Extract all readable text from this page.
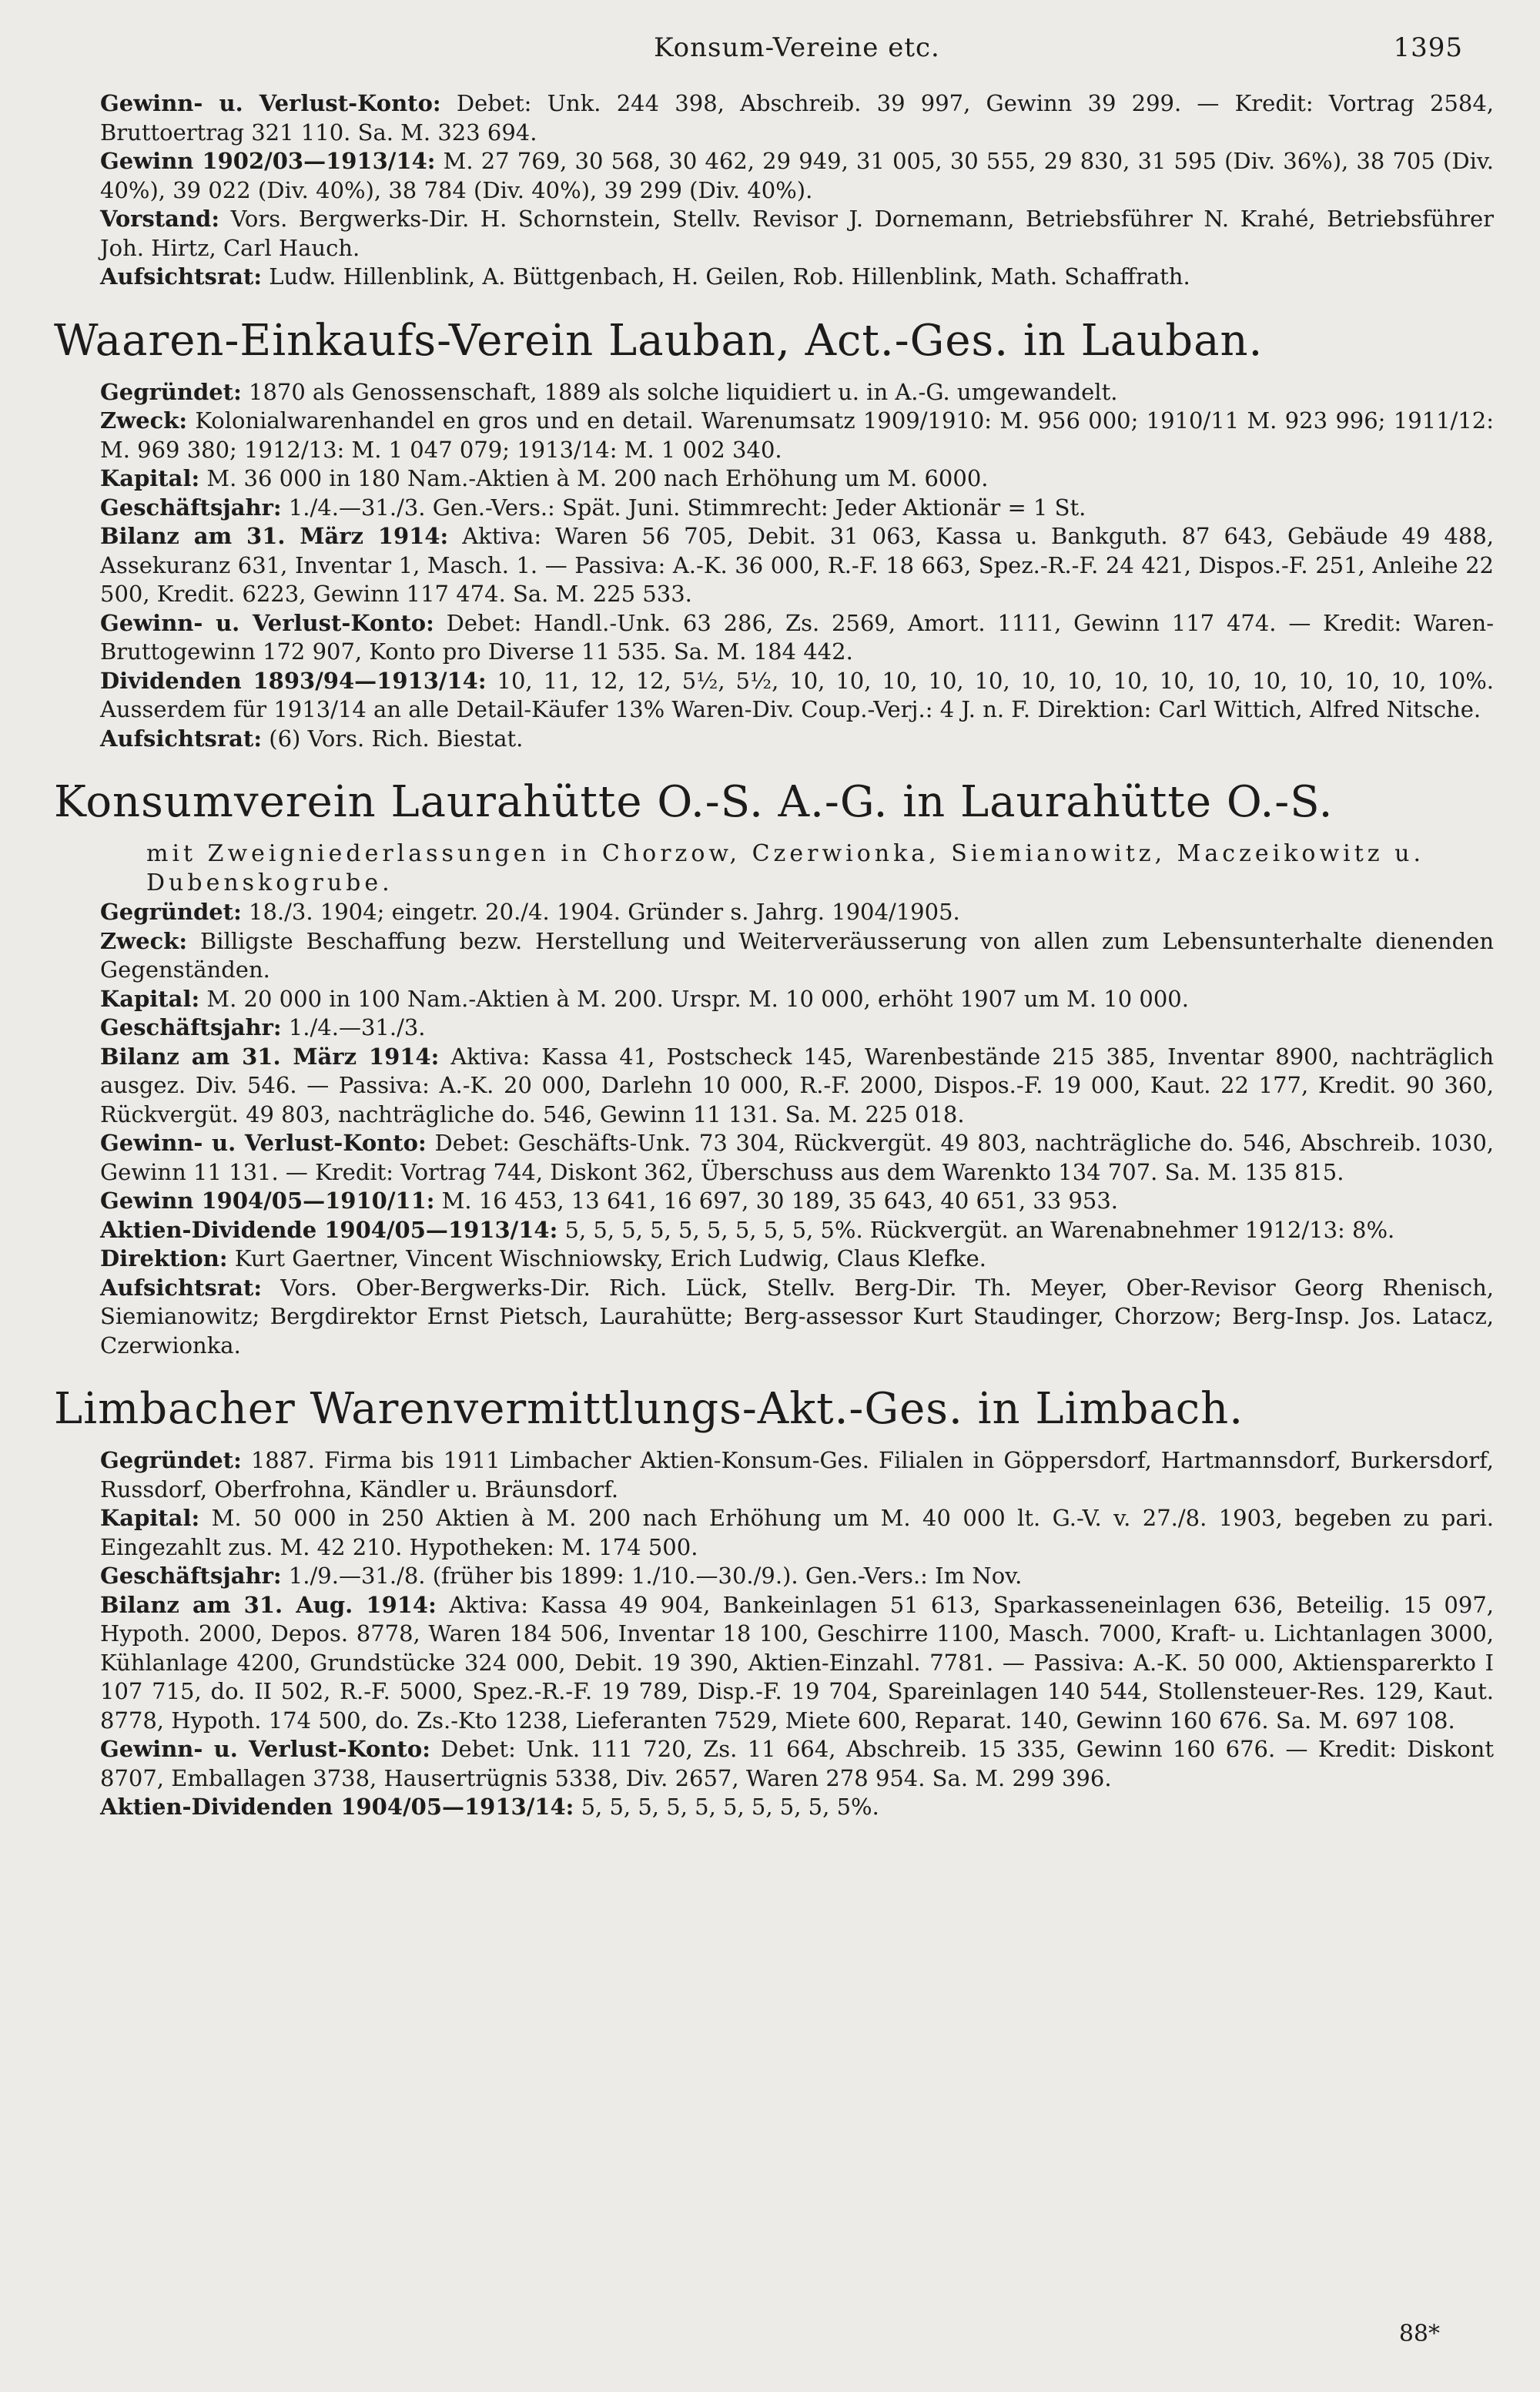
Konsum-Vereine etc.	1395

Gewinn- u. Verlust-Konto: Debet: Unk. 244 398, Abschreib. 39 997, Gewinn 39 299. — Kredit: Vortrag 2584, Bruttoertrag 321 110. Sa. M. 323 694.

Gewinn 1902/03—1913/14: M. 27 769, 30 568, 30 462, 29 949, 31 005, 30 555, 29 830, 31 595 (Div. 36%), 38 705 (Div. 40%), 39 022 (Div. 40%), 38 784 (Div. 40%), 39 299 (Div. 40%).

Vorstand: Vors. Bergwerks-Dir. H. Schornstein, Stellv. Revisor J. Dornemann, Betriebsführer N. Krahé, Betriebsführer Joh. Hirtz, Carl Hauch.

Aufsichtsrat: Ludw. Hillenblink, A. Büttgenbach, H. Geilen, Rob. Hillenblink, Math. Schaffrath.

Waaren-Einkaufs-Verein Lauban, Act.-Ges. in Lauban.

Gegründet: 1870 als Genossenschaft, 1889 als solche liquidiert u. in A.-G. umgewandelt.

Zweck: Kolonialwarenhandel en gros und en detail. Warenumsatz 1909/1910: M. 956 000; 1910/11 M. 923 996; 1911/12: M. 969 380; 1912/13: M. 1 047 079; 1913/14: M. 1 002 340.

Kapital: M. 36 000 in 180 Nam.-Aktien à M. 200 nach Erhöhung um M. 6000.

Geschäftsjahr: 1./4.—31./3. Gen.-Vers.: Spät. Juni. Stimmrecht: Jeder Aktionär = 1 St.

Bilanz am 31. März 1914: Aktiva: Waren 56 705, Debit. 31 063, Kassa u. Bankguth. 87 643, Gebäude 49 488, Assekuranz 631, Inventar 1, Masch. 1. — Passiva: A.-K. 36 000, R.-F. 18 663, Spez.-R.-F. 24 421, Dispos.-F. 251, Anleihe 22 500, Kredit. 6223, Gewinn 117 474. Sa. M. 225 533.

Gewinn- u. Verlust-Konto: Debet: Handl.-Unk. 63 286, Zs. 2569, Amort. 1111, Gewinn 117 474. — Kredit: Waren-Bruttogewinn 172 907, Konto pro Diverse 11 535. Sa. M. 184 442.

Dividenden 1893/94—1913/14: 10, 11, 12, 12, 5½, 5½, 10, 10, 10, 10, 10, 10, 10, 10, 10, 10, 10, 10, 10, 10, 10%. Ausserdem für 1913/14 an alle Detail-Käufer 13% Waren-Div. Coup.-Verj.: 4 J. n. F. Direktion: Carl Wittich, Alfred Nitsche.

Aufsichtsrat: (6) Vors. Rich. Biestat.

Konsumverein Laurahütte O.-S. A.-G. in Laurahütte O.-S.

mit Zweigniederlassungen in Chorzow, Czerwionka, Siemianowitz, Maczeikowitz u. Dubenskogrube.

Gegründet: 18./3. 1904; eingetr. 20./4. 1904. Gründer s. Jahrg. 1904/1905.

Zweck: Billigste Beschaffung bezw. Herstellung und Weiterveräusserung von allen zum Lebensunterhalte dienenden Gegenständen.

Kapital: M. 20 000 in 100 Nam.-Aktien à M. 200. Urspr. M. 10 000, erhöht 1907 um M. 10 000.

Geschäftsjahr: 1./4.—31./3.

Bilanz am 31. März 1914: Aktiva: Kassa 41, Postscheck 145, Warenbestände 215 385, Inventar 8900, nachträglich ausgez. Div. 546. — Passiva: A.-K. 20 000, Darlehn 10 000, R.-F. 2000, Dispos.-F. 19 000, Kaut. 22 177, Kredit. 90 360, Rückvergüt. 49 803, nachträgliche do. 546, Gewinn 11 131. Sa. M. 225 018.

Gewinn- u. Verlust-Konto: Debet: Geschäfts-Unk. 73 304, Rückvergüt. 49 803, nachträgliche do. 546, Abschreib. 1030, Gewinn 11 131. — Kredit: Vortrag 744, Diskont 362, Überschuss aus dem Warenkto 134 707. Sa. M. 135 815.

Gewinn 1904/05—1910/11: M. 16 453, 13 641, 16 697, 30 189, 35 643, 40 651, 33 953.

Aktien-Dividende 1904/05—1913/14: 5, 5, 5, 5, 5, 5, 5, 5, 5, 5%. Rückvergüt. an Warenabnehmer 1912/13: 8%.

Direktion: Kurt Gaertner, Vincent Wischniowsky, Erich Ludwig, Claus Klefke.

Aufsichtsrat: Vors. Ober-Bergwerks-Dir. Rich. Lück, Stellv. Berg-Dir. Th. Meyer, Ober-Revisor Georg Rhenisch, Siemianowitz; Bergdirektor Ernst Pietsch, Laurahütte; Berg-assessor Kurt Staudinger, Chorzow; Berg-Insp. Jos. Latacz, Czerwionka.

Limbacher Warenvermittlungs-Akt.-Ges. in Limbach.

Gegründet: 1887. Firma bis 1911 Limbacher Aktien-Konsum-Ges. Filialen in Göppersdorf, Hartmannsdorf, Burkersdorf, Russdorf, Oberfrohna, Kändler u. Bräunsdorf.

Kapital: M. 50 000 in 250 Aktien à M. 200 nach Erhöhung um M. 40 000 lt. G.-V. v. 27./8. 1903, begeben zu pari. Eingezahlt zus. M. 42 210. Hypotheken: M. 174 500.

Geschäftsjahr: 1./9.—31./8. (früher bis 1899: 1./10.—30./9.). Gen.-Vers.: Im Nov.

Bilanz am 31. Aug. 1914: Aktiva: Kassa 49 904, Bankeinlagen 51 613, Sparkasseneinlagen 636, Beteilig. 15 097, Hypoth. 2000, Depos. 8778, Waren 184 506, Inventar 18 100, Geschirre 1100, Masch. 7000, Kraft- u. Lichtanlagen 3000, Kühlanlage 4200, Grundstücke 324 000, Debit. 19 390, Aktien-Einzahl. 7781. — Passiva: A.-K. 50 000, Aktiensparerkto I 107 715, do. II 502, R.-F. 5000, Spez.-R.-F. 19 789, Disp.-F. 19 704, Spareinlagen 140 544, Stollensteuer-Res. 129, Kaut. 8778, Hypoth. 174 500, do. Zs.-Kto 1238, Lieferanten 7529, Miete 600, Reparat. 140, Gewinn 160 676. Sa. M. 697 108.

Gewinn- u. Verlust-Konto: Debet: Unk. 111 720, Zs. 11 664, Abschreib. 15 335, Gewinn 160 676. — Kredit: Diskont 8707, Emballagen 3738, Hausertrügnis 5338, Div. 2657, Waren 278 954. Sa. M. 299 396.

Aktien-Dividenden 1904/05—1913/14: 5, 5, 5, 5, 5, 5, 5, 5, 5, 5%.

88*
